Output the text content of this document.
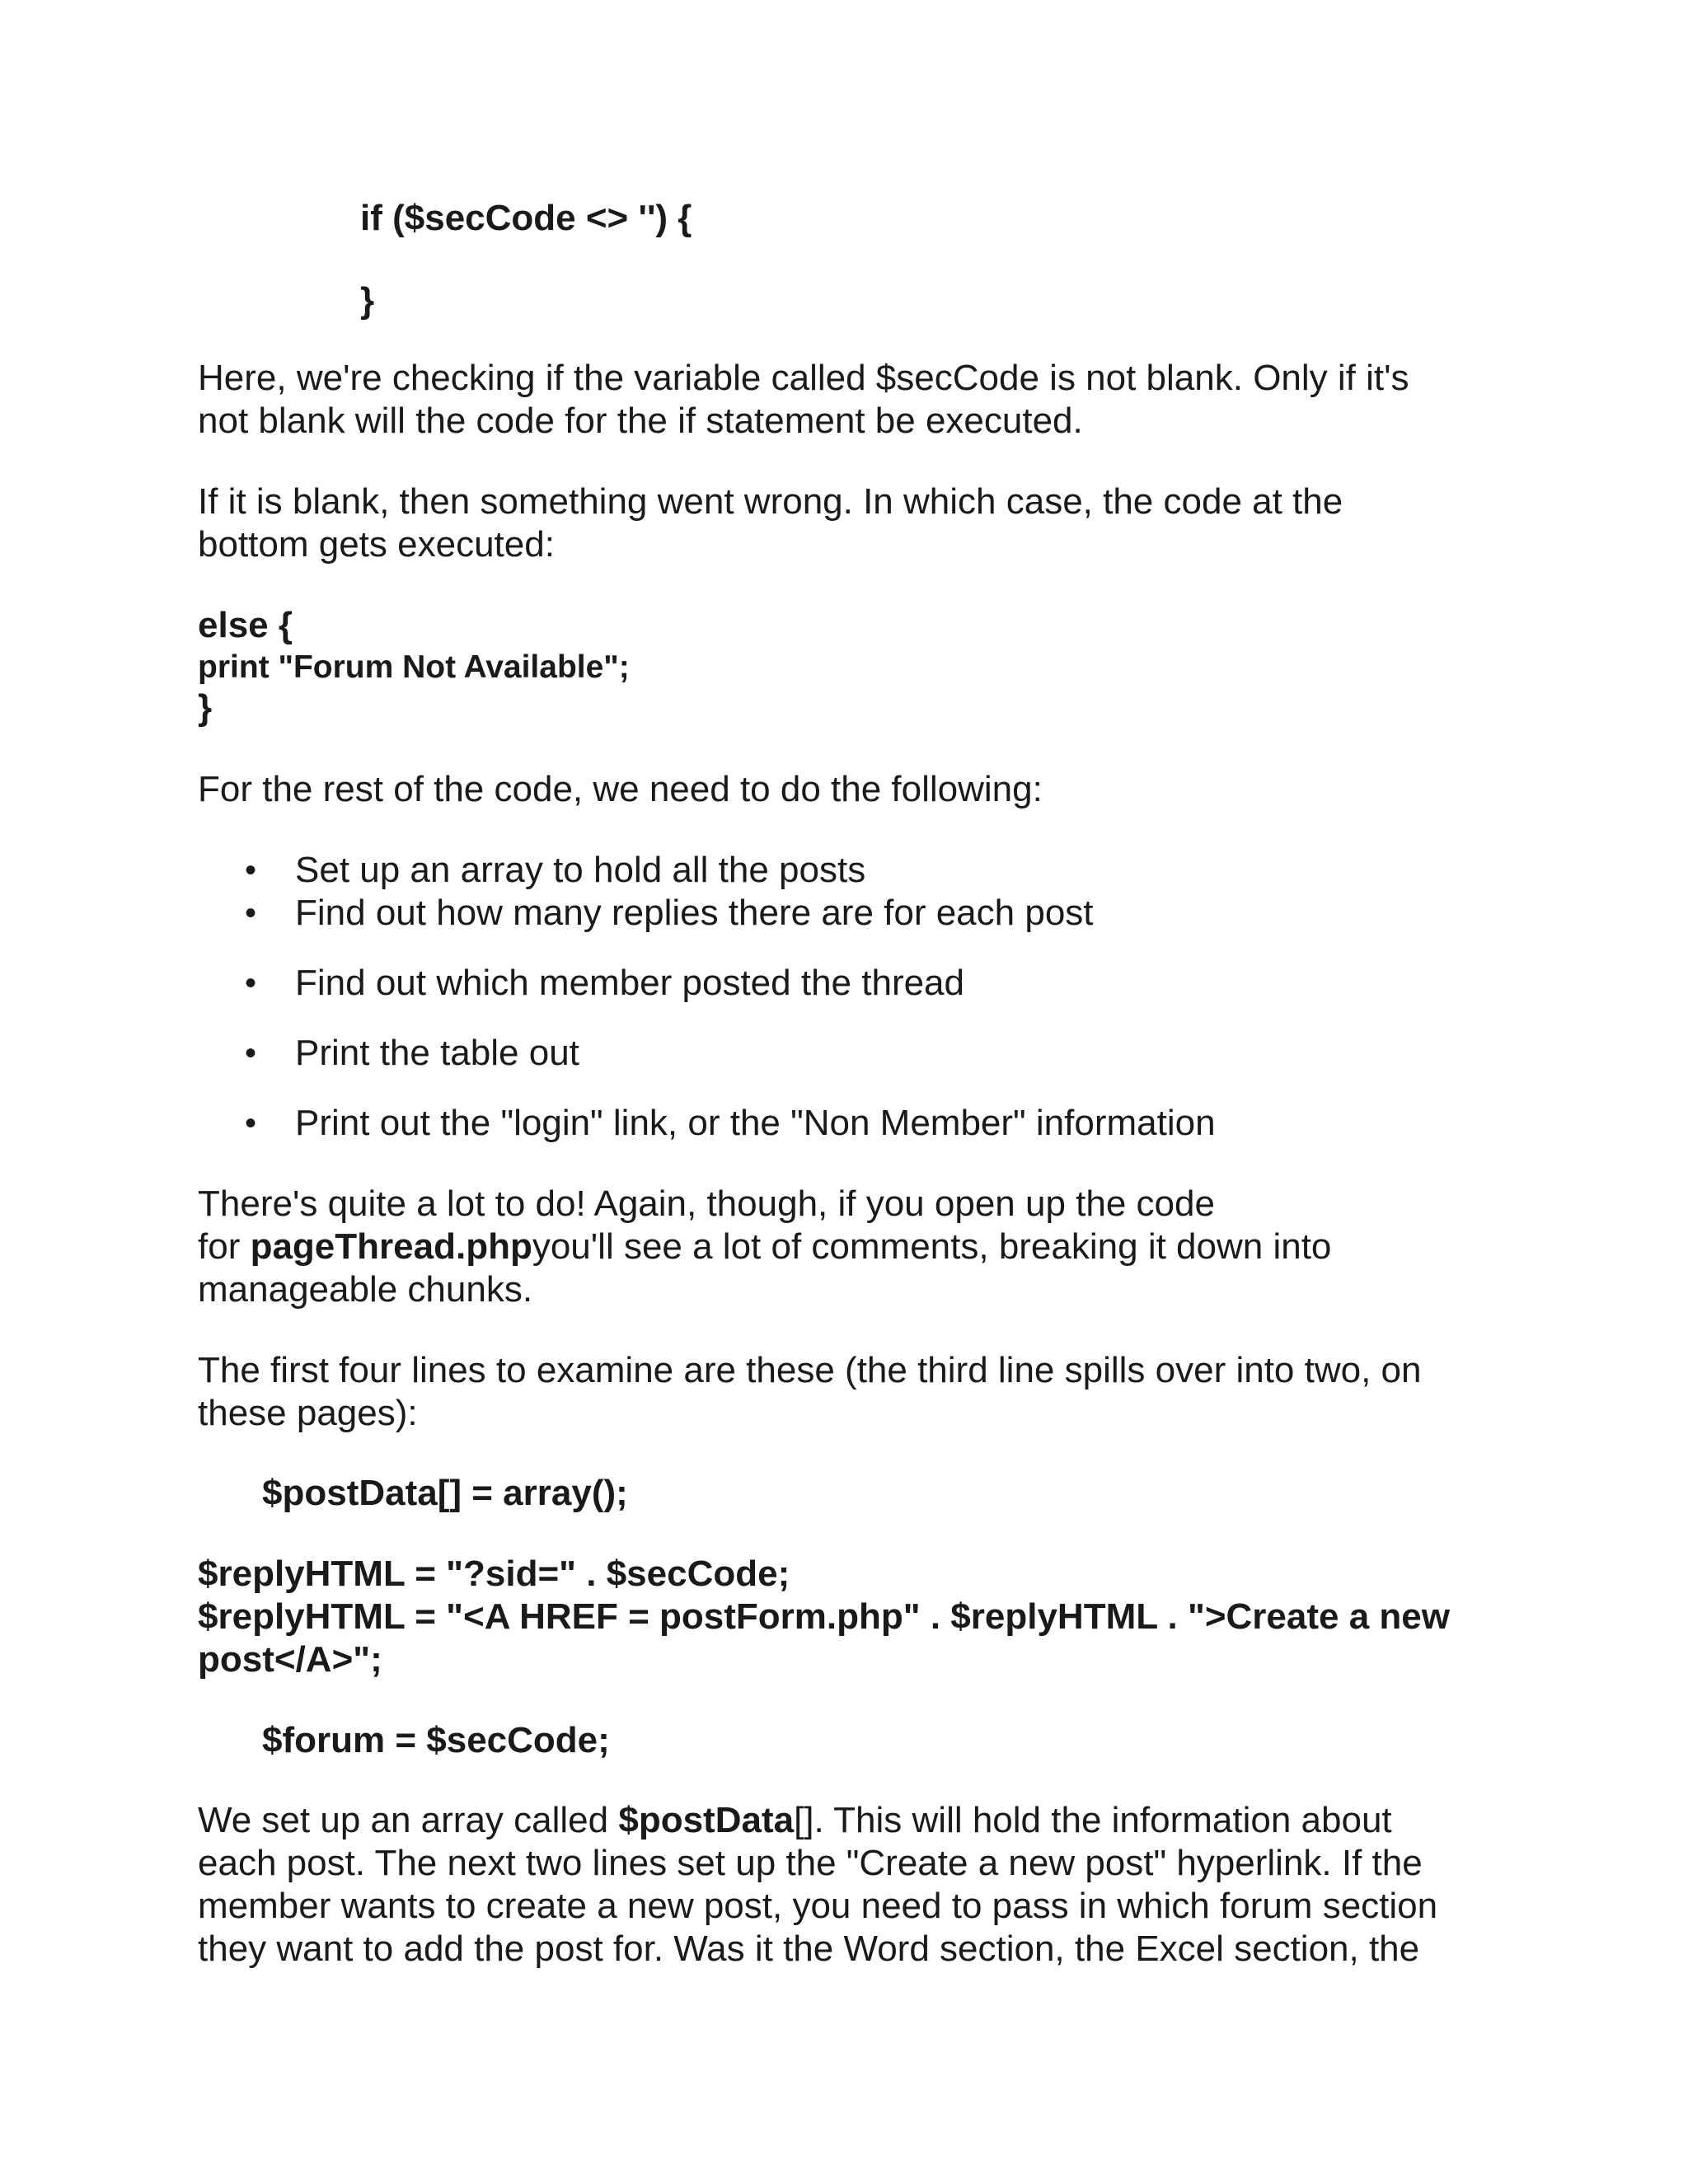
if ($secCode <> '') {

}

Here, we're checking if the variable called $secCode is not blank. Only if it's

not blank will the code for the if statement be executed.

If it is blank, then something went wrong. In which case, the code at the

bottom gets executed:

else {

print "Forum Not Available";

}

For the rest of the code, we need to do the following:

• Set up an array to hold all the posts

• Find out how many replies there are for each post

• Find out which member posted the thread

• Print the table out

• Print out the "login" link, or the "Non Member" information

There's quite a lot to do! Again, though, if you open up the code

for pageThread.phpyou'll see a lot of comments, breaking it down into

manageable chunks.

The first four lines to examine are these (the third line spills over into two, on

these pages):

$postData[] = array();

$replyHTML = "?sid=" . $secCode;

$replyHTML = "<A HREF = postForm.php" . $replyHTML . ">Create a new

post</A>";

$forum = $secCode;

We set up an array called $postData[]. This will hold the information about

each post. The next two lines set up the "Create a new post" hyperlink. If the

member wants to create a new post, you need to pass in which forum section

they want to add the post for. Was it the Word section, the Excel section, the
